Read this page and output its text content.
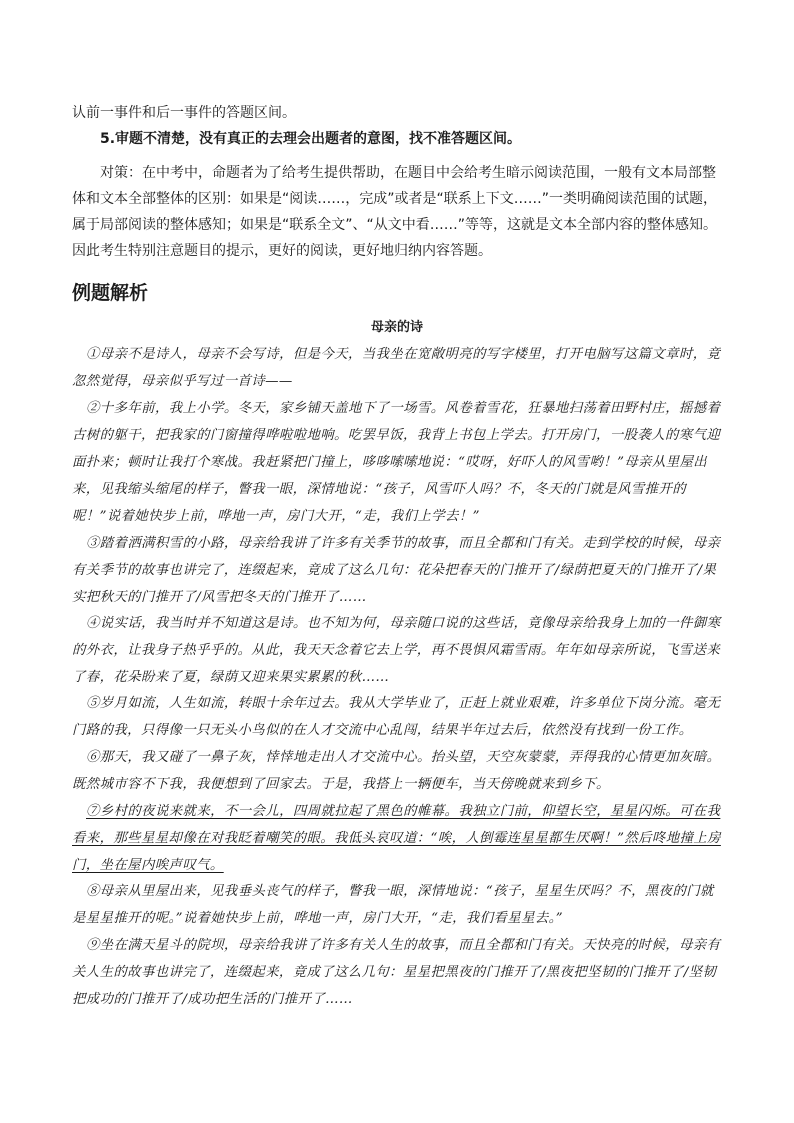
认前一事件和后一事件的答题区间。

5.审题不清楚，没有真正的去理会出题者的意图，找不准答题区间。

对策：在中考中，命题者为了给考生提供帮助，在题目中会给考生暗示阅读范围，一般有文本局部整体和文本全部整体的区别：如果是“阅读……，完成”或者是“联系上下文……”一类明确阅读范围的试题，属于局部阅读的整体感知；如果是“联系全文”、“从文中看……”等等，这就是文本全部内容的整体感知。因此考生特别注意题目的提示，更好的阅读，更好地归纳内容答题。

例题解析
母亲的诗

①母亲不是诗人，母亲不会写诗，但是今天，当我坐在宽敞明亮的写字楼里，打开电脑写这篇文章时，竟忽然觉得，母亲似乎写过一首诗——

②十多年前，我上小学。冬天，家乡铺天盖地下了一场雪。风卷着雪花，狂暴地扫荡着田野村庄，摇撼着古树的躯干，把我家的门窗撞得哗啦啦地响。吃罢早饭，我背上书包上学去。打开房门，一股袭人的寒气迎面扑来；顿时让我打个寒战。我赶紧把门撞上，哆哆嗦嗦地说：“哎呀，好吓人的风雪哟！”母亲从里屋出来，见我缩头缩尾的样子，瞥我一眼，深情地说：“孩子，风雪吓人吗？不，冬天的门就是风雪推开的呢！”说着她快步上前，哗地一声，房门大开，“走，我们上学去！”

③踏着洒满积雪的小路，母亲给我讲了许多有关季节的故事，而且全都和门有关。走到学校的时候，母亲有关季节的故事也讲完了，连缀起来，竟成了这么几句：花朵把春天的门推开了/绿荫把夏天的门推开了/果实把秋天的门推开了/风雪把冬天的门推开了……

④说实话，我当时并不知道这是诗。也不知为何，母亲随口说的这些话，竟像母亲给我身上加的一件御寒的外衣，让我身子热乎乎的。从此，我天天念着它去上学，再不畏惧风霜雪雨。年年如母亲所说，飞雪送来了春，花朵盼来了夏，绿荫又迎来果实累累的秋……

⑤岁月如流，人生如流，转眼十余年过去。我从大学毕业了，正赶上就业艰难，许多单位下岗分流。毫无门路的我，只得像一只无头小鸟似的在人才交流中心乱闯，结果半年过去后，依然没有找到一份工作。

⑥那天，我又碰了一鼻子灰，悻悻地走出人才交流中心。抬头望，天空灰蒙蒙，弄得我的心情更加灰暗。既然城市容不下我，我便想到了回家去。于是，我搭上一辆便车，当天傍晚就来到乡下。

⑦乡村的夜说来就来，不一会儿，四周就拉起了黑色的帷幕。我独立门前，仰望长空，星星闪烁。可在我看来，那些星星却像在对我眨着嘲笑的眼。我低头哀叹道：“唉，人倒霉连星星都生厌啊！”然后咚地撞上房门，坐在屋内唉声叹气。

⑧母亲从里屋出来，见我垂头丧气的样子，瞥我一眼，深情地说：“孩子，星星生厌吗？不，黑夜的门就是星星推开的呢。”说着她快步上前，哗地一声，房门大开，“走，我们看星星去。”

⑨坐在满天星斗的院坝，母亲给我讲了许多有关人生的故事，而且全都和门有关。天快亮的时候，母亲有关人生的故事也讲完了，连缀起来，竟成了这么几句：星星把黑夜的门推开了/黑夜把坚韧的门推开了/坚韧把成功的门推开了/成功把生活的门推开了……
